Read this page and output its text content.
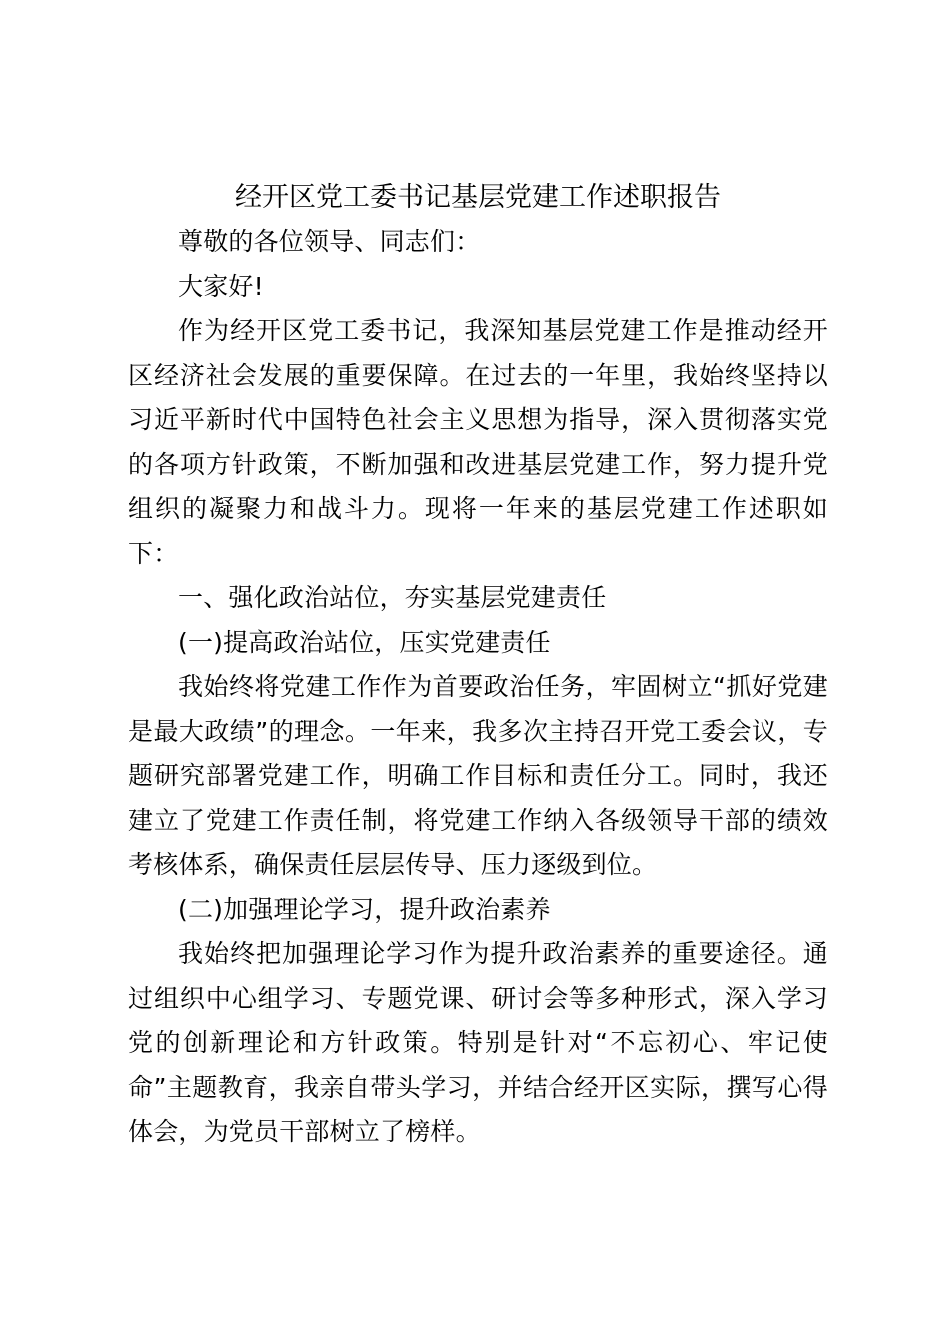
经开区党工委书记基层党建工作述职报告

尊敬的各位领导、同志们：

大家好!

作为经开区党工委书记，我深知基层党建工作是推动经开区经济社会发展的重要保障。在过去的一年里，我始终坚持以习近平新时代中国特色社会主义思想为指导，深入贯彻落实党的各项方针政策，不断加强和改进基层党建工作，努力提升党组织的凝聚力和战斗力。现将一年来的基层党建工作述职如下：

一、强化政治站位，夯实基层党建责任

(一)提高政治站位，压实党建责任

我始终将党建工作作为首要政治任务，牢固树立“抓好党建是最大政绩”的理念。一年来，我多次主持召开党工委会议，专题研究部署党建工作，明确工作目标和责任分工。同时，我还建立了党建工作责任制，将党建工作纳入各级领导干部的绩效考核体系，确保责任层层传导、压力逐级到位。

(二)加强理论学习，提升政治素养

我始终把加强理论学习作为提升政治素养的重要途径。通过组织中心组学习、专题党课、研讨会等多种形式，深入学习党的创新理论和方针政策。特别是针对“不忘初心、牢记使命”主题教育，我亲自带头学习，并结合经开区实际，撰写心得体会，为党员干部树立了榜样。
